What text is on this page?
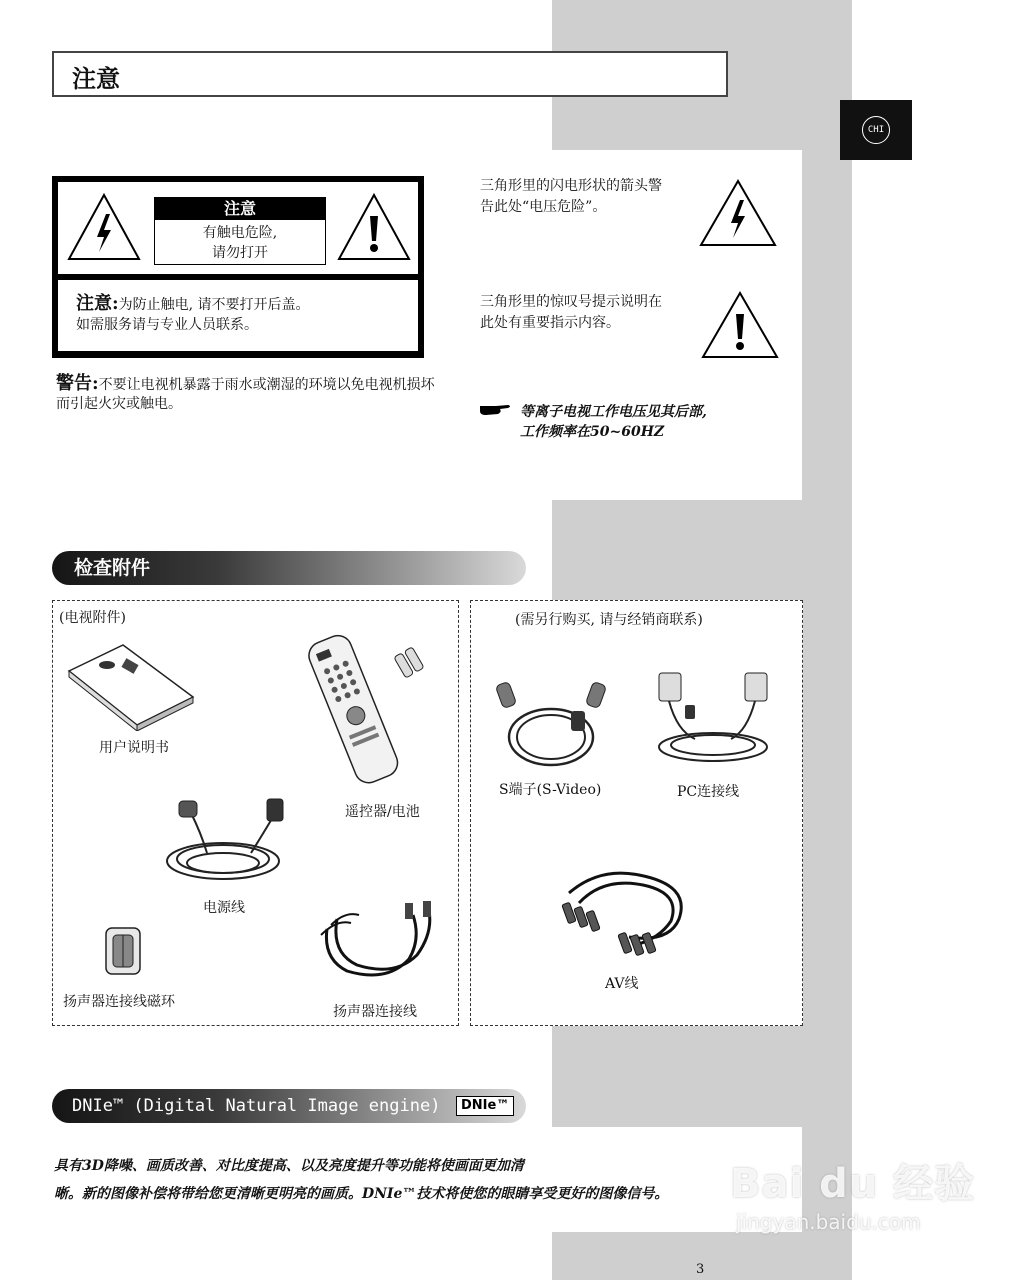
注意
CHI
注意
有触电危险,
请勿打开
注意:为防止触电, 请不要打开后盖。
如需服务请与专业人员联系。
警告:不要让电视机暴露于雨水或潮湿的环境以免电视机损坏而引起火灾或触电。
三角形里的闪电形状的箭头警
告此处“电压危险”。
三角形里的惊叹号提示说明在
此处有重要指示内容。
等离子电视工作电压见其后部,
工作频率在50~60HZ
检查附件
(电视附件)
用户说明书
遥控器/电池
电源线
扬声器连接线磁环
扬声器连接线
(需另行购买, 请与经销商联系)
S端子(S-Video)	PC连接线
AV线
DNIe™ (Digital Natural Image engine)	DNIe™
具有3D降噪、画质改善、对比度提高、以及亮度提升等功能将使画面更加清
晰。新的图像补偿将带给您更清晰更明亮的画质。DNIe™技术将使您的眼睛享受更好的图像信号。
3
Bai du 经验
jingyan.baidu.com
